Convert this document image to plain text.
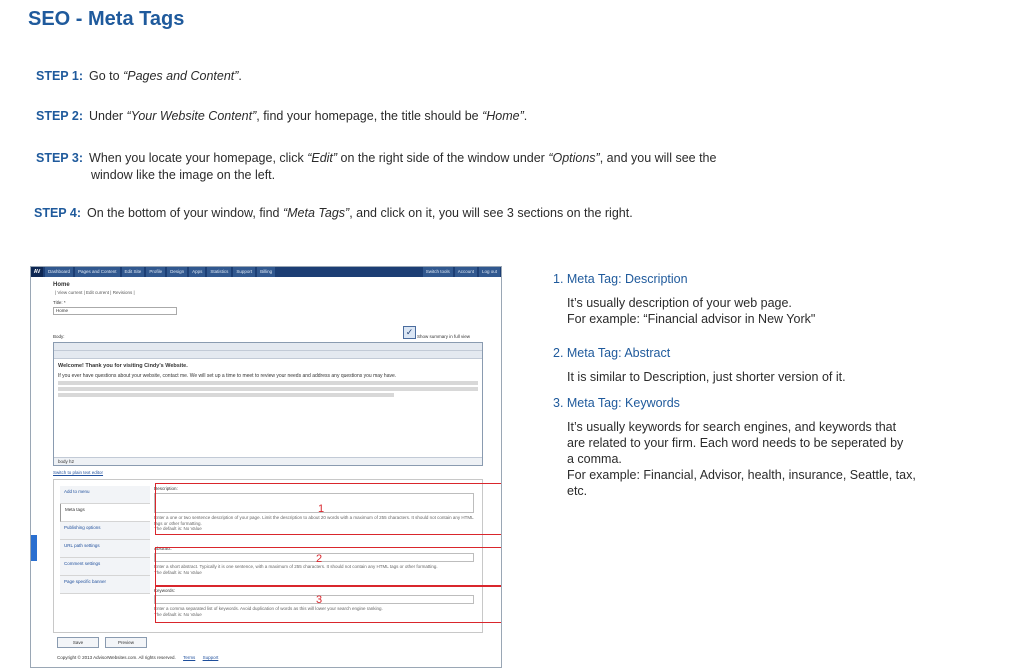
SEO - Meta Tags
STEP 1: Go to “Pages and Content”.
STEP 2: Under “Your Website Content”, find your homepage, the title should be “Home”.
STEP 3: When you locate your homepage, click “Edit” on the right side of the window under “Options”, and you will see the
window like the image on the left.
STEP 4: On the bottom of your window, find “Meta Tags”, and click on it, you will see 3 sections on the right.
AV	Dashboard	Pages and Content	Edit Site	Profile	Design	Apps	Statistics	Support	Billing	Switch tools	Account	Log out
Home
| View current | Edit current | Revisions |
Title: *
Home
Body:	✓ Show summary in full view
Welcome! Thank you for visiting Cindy's Website.
If you ever have questions about your website, contact me. We will set up a time to meet to review your needs and address any questions you may have.
body h2
Switch to plain text editor
Add to menu
Meta tags
Publishing options
URL path settings
Comment settings
Page specific banner
Description:
Enter a one or two sentence description of your page. Limit the description to about 20 words with a maximum of 255 characters. It should not contain any HTML tags or other formatting.
The default is: No Value
Abstract:
Enter a short abstract. Typically it is one sentence, with a maximum of 255 characters. It should not contain any HTML tags or other formatting.
The default is: No Value
Keywords:
Enter a comma separated list of keywords. Avoid duplication of words as this will lower your search engine ranking.
The default is: No Value
1
2
3
Save	Preview
Copyright © 2013 AdvisorWebsites.com. All rights reserved. Terms Support
1. Meta Tag: Description
It’s usually description of your web page.
For example: “Financial advisor in New York"
2. Meta Tag: Abstract
It is similar to Description, just shorter version of it.
3. Meta Tag: Keywords
It’s usually keywords for search engines, and keywords that
are related to your firm. Each word needs to be seperated by
a comma.
For example: Financial, Advisor, health, insurance, Seattle, tax,
etc.
